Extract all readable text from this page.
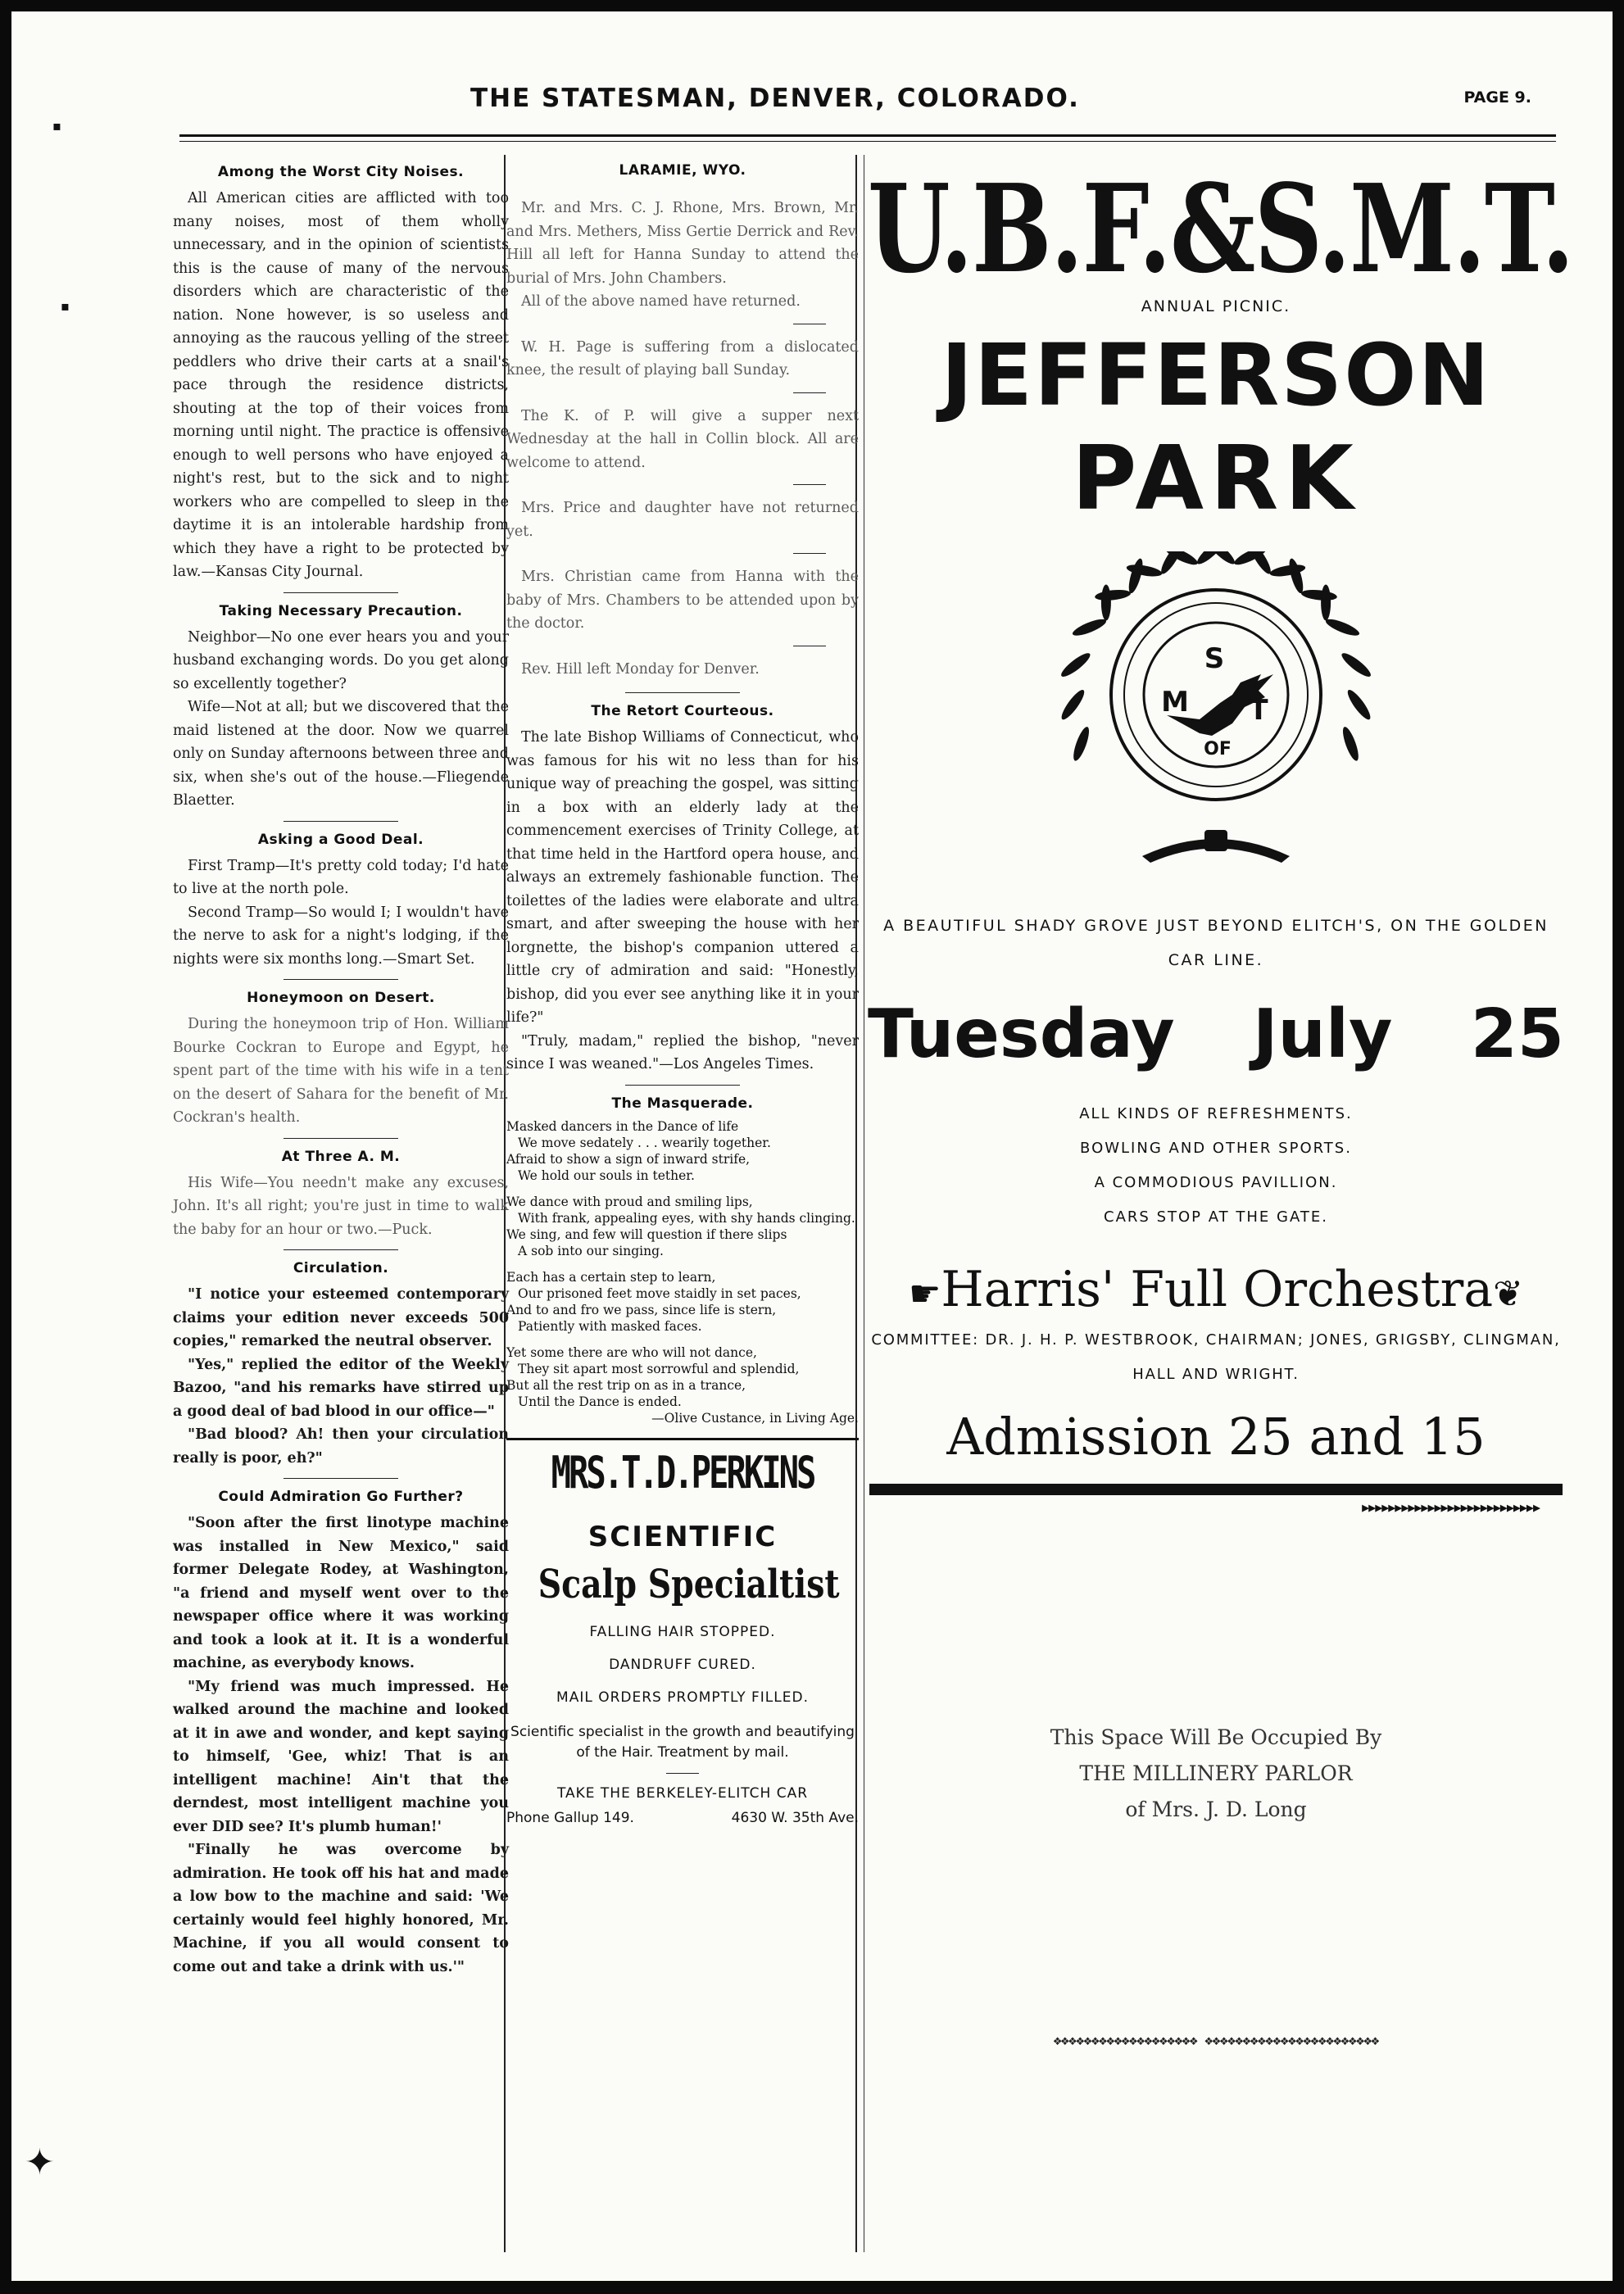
THE STATESMAN, DENVER, COLORADO.	PAGE 9.
Among the Worst City Noises.

All American cities are afflicted with too many noises, most of them wholly unnecessary, and in the opinion of scientists this is the cause of many of the nervous disorders which are characteristic of the nation. None however, is so useless and annoying as the raucous yelling of the street peddlers who drive their carts at a snail's pace through the residence districts, shouting at the top of their voices from morning until night. The practice is offensive enough to well persons who have enjoyed a night's rest, but to the sick and to night workers who are compelled to sleep in the daytime it is an intolerable hardship from which they have a right to be protected by law.—Kansas City Journal.

Taking Necessary Precaution.

Neighbor—No one ever hears you and your husband exchanging words. Do you get along so excellently together?

Wife—Not at all; but we discovered that the maid listened at the door. Now we quarrel only on Sunday afternoons between three and six, when she's out of the house.—Fliegende Blaetter.

Asking a Good Deal.

First Tramp—It's pretty cold today; I'd hate to live at the north pole.

Second Tramp—So would I; I wouldn't have the nerve to ask for a night's lodging, if the nights were six months long.—Smart Set.

Honeymoon on Desert.

During the honeymoon trip of Hon. William Bourke Cockran to Europe and Egypt, he spent part of the time with his wife in a tent on the desert of Sahara for the benefit of Mr. Cockran's health.

At Three A. M.

His Wife—You needn't make any excuses, John. It's all right; you're just in time to walk the baby for an hour or two.—Puck.

Circulation.

"I notice your esteemed contemporary claims your edition never exceeds 500 copies," remarked the neutral observer.

"Yes," replied the editor of the Weekly Bazoo, "and his remarks have stirred up a good deal of bad blood in our office—"

"Bad blood? Ah! then your circulation really is poor, eh?"

Could Admiration Go Further?

"Soon after the first linotype machine was installed in New Mexico," said former Delegate Rodey, at Washington, "a friend and myself went over to the newspaper office where it was working and took a look at it. It is a wonderful machine, as everybody knows.

"My friend was much impressed. He walked around the machine and looked at it in awe and wonder, and kept saying to himself, 'Gee, whiz! That is an intelligent machine! Ain't that the derndest, most intelligent machine you ever DID see? It's plumb human!'

"Finally he was overcome by admiration. He took off his hat and made a low bow to the machine and said: 'We certainly would feel highly honored, Mr. Machine, if you all would consent to come out and take a drink with us.'"

LARAMIE, WYO.

Mr. and Mrs. C. J. Rhone, Mrs. Brown, Mr. and Mrs. Methers, Miss Gertie Derrick and Rev. Hill all left for Hanna Sunday to attend the burial of Mrs. John Chambers.

All of the above named have returned.

W. H. Page is suffering from a dislocated knee, the result of playing ball Sunday.

The K. of P. will give a supper next Wednesday at the hall in Collin block. All are welcome to attend.

Mrs. Price and daughter have not returned yet.

Mrs. Christian came from Hanna with the baby of Mrs. Chambers to be attended upon by the doctor.

Rev. Hill left Monday for Denver.

The Retort Courteous.

The late Bishop Williams of Connecticut, who was famous for his wit no less than for his unique way of preaching the gospel, was sitting in a box with an elderly lady at the commencement exercises of Trinity College, at that time held in the Hartford opera house, and always an extremely fashionable function. The toilettes of the ladies were elaborate and ultra smart, and after sweeping the house with her lorgnette, the bishop's companion uttered a little cry of admiration and said: "Honestly, bishop, did you ever see anything like it in your life?"

"Truly, madam," replied the bishop, "never since I was weaned."—Los Angeles Times.

The Masquerade.
Masked dancers in the Dance of life
We move sedately . . . wearily together.
Afraid to show a sign of inward strife,
We hold our souls in tether.
We dance with proud and smiling lips,
With frank, appealing eyes, with shy hands clinging.
We sing, and few will question if there slips
A sob into our singing.
Each has a certain step to learn,
Our prisoned feet move staidly in set paces,
And to and fro we pass, since life is stern,
Patiently with masked faces.
Yet some there are who will not dance,
They sit apart most sorrowful and splendid,
But all the rest trip on as in a trance,
Until the Dance is ended.
—Olive Custance, in Living Age.
MRS.T.D.PERKINS
SCIENTIFIC
Scalp Specialtist
FALLING HAIR STOPPED.
DANDRUFF CURED.
MAIL ORDERS PROMPTLY FILLED.
Scientific specialist in the growth and beautifying of the Hair. Treatment by mail.
TAKE THE BERKELEY-ELITCH CAR
Phone Gallup 149.	4630 W. 35th Ave.
U.B.F.&S.M.T.
ANNUAL PICNIC.
JEFFERSON
PARK
S
M T
OF
A BEAUTIFUL SHADY GROVE JUST BEYOND ELITCH'S, ON THE GOLDEN CAR LINE.
Tuesday July 25
ALL KINDS OF REFRESHMENTS.
BOWLING AND OTHER SPORTS.
A COMMODIOUS PAVILLION.
CARS STOP AT THE GATE.
☛Harris' Full Orchestra❦
COMMITTEE: DR. J. H. P. WESTBROOK, CHAIRMAN; JONES, GRIGSBY, CLINGMAN, HALL AND WRIGHT.
Admission 25 and 15
▶▶▶▶▶▶▶▶▶▶▶▶▶▶▶▶▶▶▶▶▶▶▶▶▶▶▶
This Space Will Be Occupied By
THE MILLINERY PARLOR
of Mrs. J. D. Long
❖❖❖❖❖❖❖❖❖❖❖❖❖❖❖❖❖❖❖ ❖❖❖❖❖❖❖❖❖❖❖❖❖❖❖❖❖❖❖❖❖❖❖
✦
▪
▪
